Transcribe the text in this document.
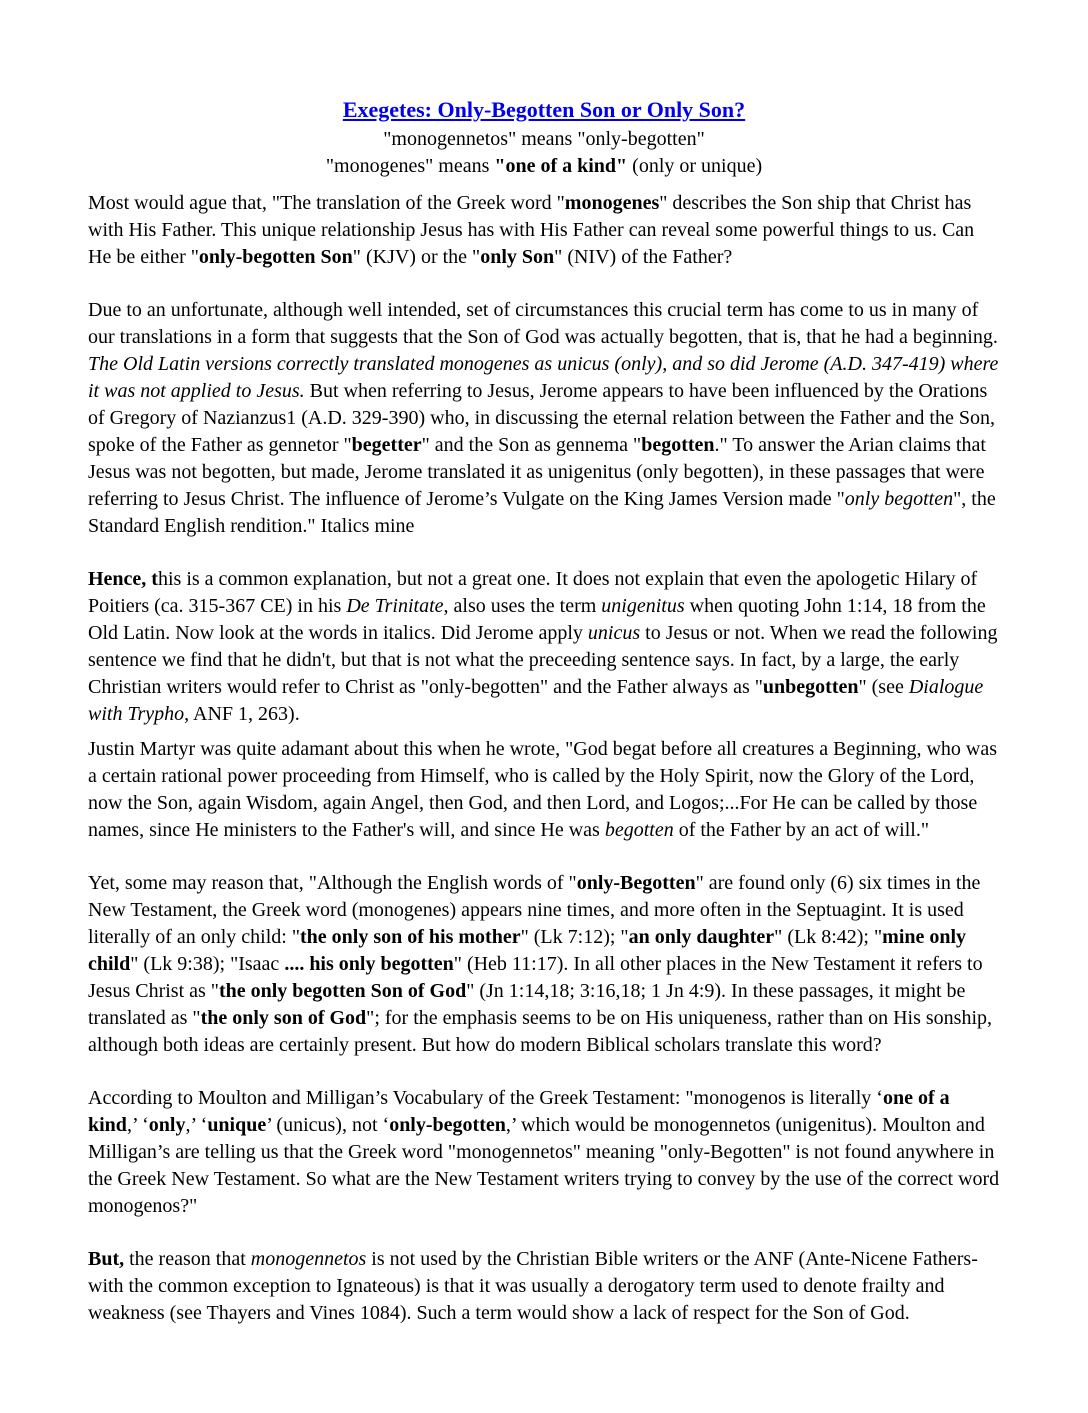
Exegetes: Only-Begotten Son or Only Son?
"monogennetos" means "only-begotten"
"monogenes" means "one of a kind" (only or unique)

Most would ague that, "The translation of the Greek word "monogenes" describes the Son ship that Christ has with His Father. This unique relationship Jesus has with His Father can reveal some powerful things to us. Can He be either "only-begotten Son" (KJV) or the "only Son" (NIV) of the Father?

Due to an unfortunate, although well intended, set of circumstances this crucial term has come to us in many of our translations in a form that suggests that the Son of God was actually begotten, that is, that he had a beginning. The Old Latin versions correctly translated monogenes as unicus (only), and so did Jerome (A.D. 347-419) where it was not applied to Jesus. But when referring to Jesus, Jerome appears to have been influenced by the Orations of Gregory of Nazianzus1 (A.D. 329-390) who, in discussing the eternal relation between the Father and the Son, spoke of the Father as gennetor "begetter" and the Son as gennema "begotten." To answer the Arian claims that Jesus was not begotten, but made, Jerome translated it as unigenitus (only begotten), in these passages that were referring to Jesus Christ. The influence of Jerome’s Vulgate on the King James Version made "only begotten", the Standard English rendition." Italics mine

Hence, this is a common explanation, but not a great one. It does not explain that even the apologetic Hilary of Poitiers (ca. 315-367 CE) in his De Trinitate, also uses the term unigenitus when quoting John 1:14, 18 from the Old Latin. Now look at the words in italics. Did Jerome apply unicus to Jesus or not. When we read the following sentence we find that he didn't, but that is not what the preceeding sentence says. In fact, by a large, the early Christian writers would refer to Christ as "only-begotten" and the Father always as "unbegotten" (see Dialogue with Trypho, ANF 1, 263).

Justin Martyr was quite adamant about this when he wrote, "God begat before all creatures a Beginning, who was a certain rational power proceeding from Himself, who is called by the Holy Spirit, now the Glory of the Lord, now the Son, again Wisdom, again Angel, then God, and then Lord, and Logos;...For He can be called by those names, since He ministers to the Father's will, and since He was begotten of the Father by an act of will."

Yet, some may reason that, "Although the English words of "only-Begotten" are found only (6) six times in the New Testament, the Greek word (monogenes) appears nine times, and more often in the Septuagint. It is used literally of an only child: "the only son of his mother" (Lk 7:12); "an only daughter" (Lk 8:42); "mine only child" (Lk 9:38); "Isaac .... his only begotten" (Heb 11:17). In all other places in the New Testament it refers to Jesus Christ as "the only begotten Son of God" (Jn 1:14,18; 3:16,18; 1 Jn 4:9). In these passages, it might be translated as "the only son of God"; for the emphasis seems to be on His uniqueness, rather than on His sonship, although both ideas are certainly present. But how do modern Biblical scholars translate this word?

According to Moulton and Milligan’s Vocabulary of the Greek Testament: "monogenos is literally ‘one of a kind,’ ‘only,’ ‘unique’ (unicus), not ‘only-begotten,’ which would be monogennetos (unigenitus). Moulton and Milligan’s are telling us that the Greek word "monogennetos" meaning "only-Begotten" is not found anywhere in the Greek New Testament. So what are the New Testament writers trying to convey by the use of the correct word monogenos?"

But, the reason that monogennetos is not used by the Christian Bible writers or the ANF (Ante-Nicene Fathers-with the common exception to Ignateous) is that it was usually a derogatory term used to denote frailty and weakness (see Thayers and Vines 1084). Such a term would show a lack of respect for the Son of God.
